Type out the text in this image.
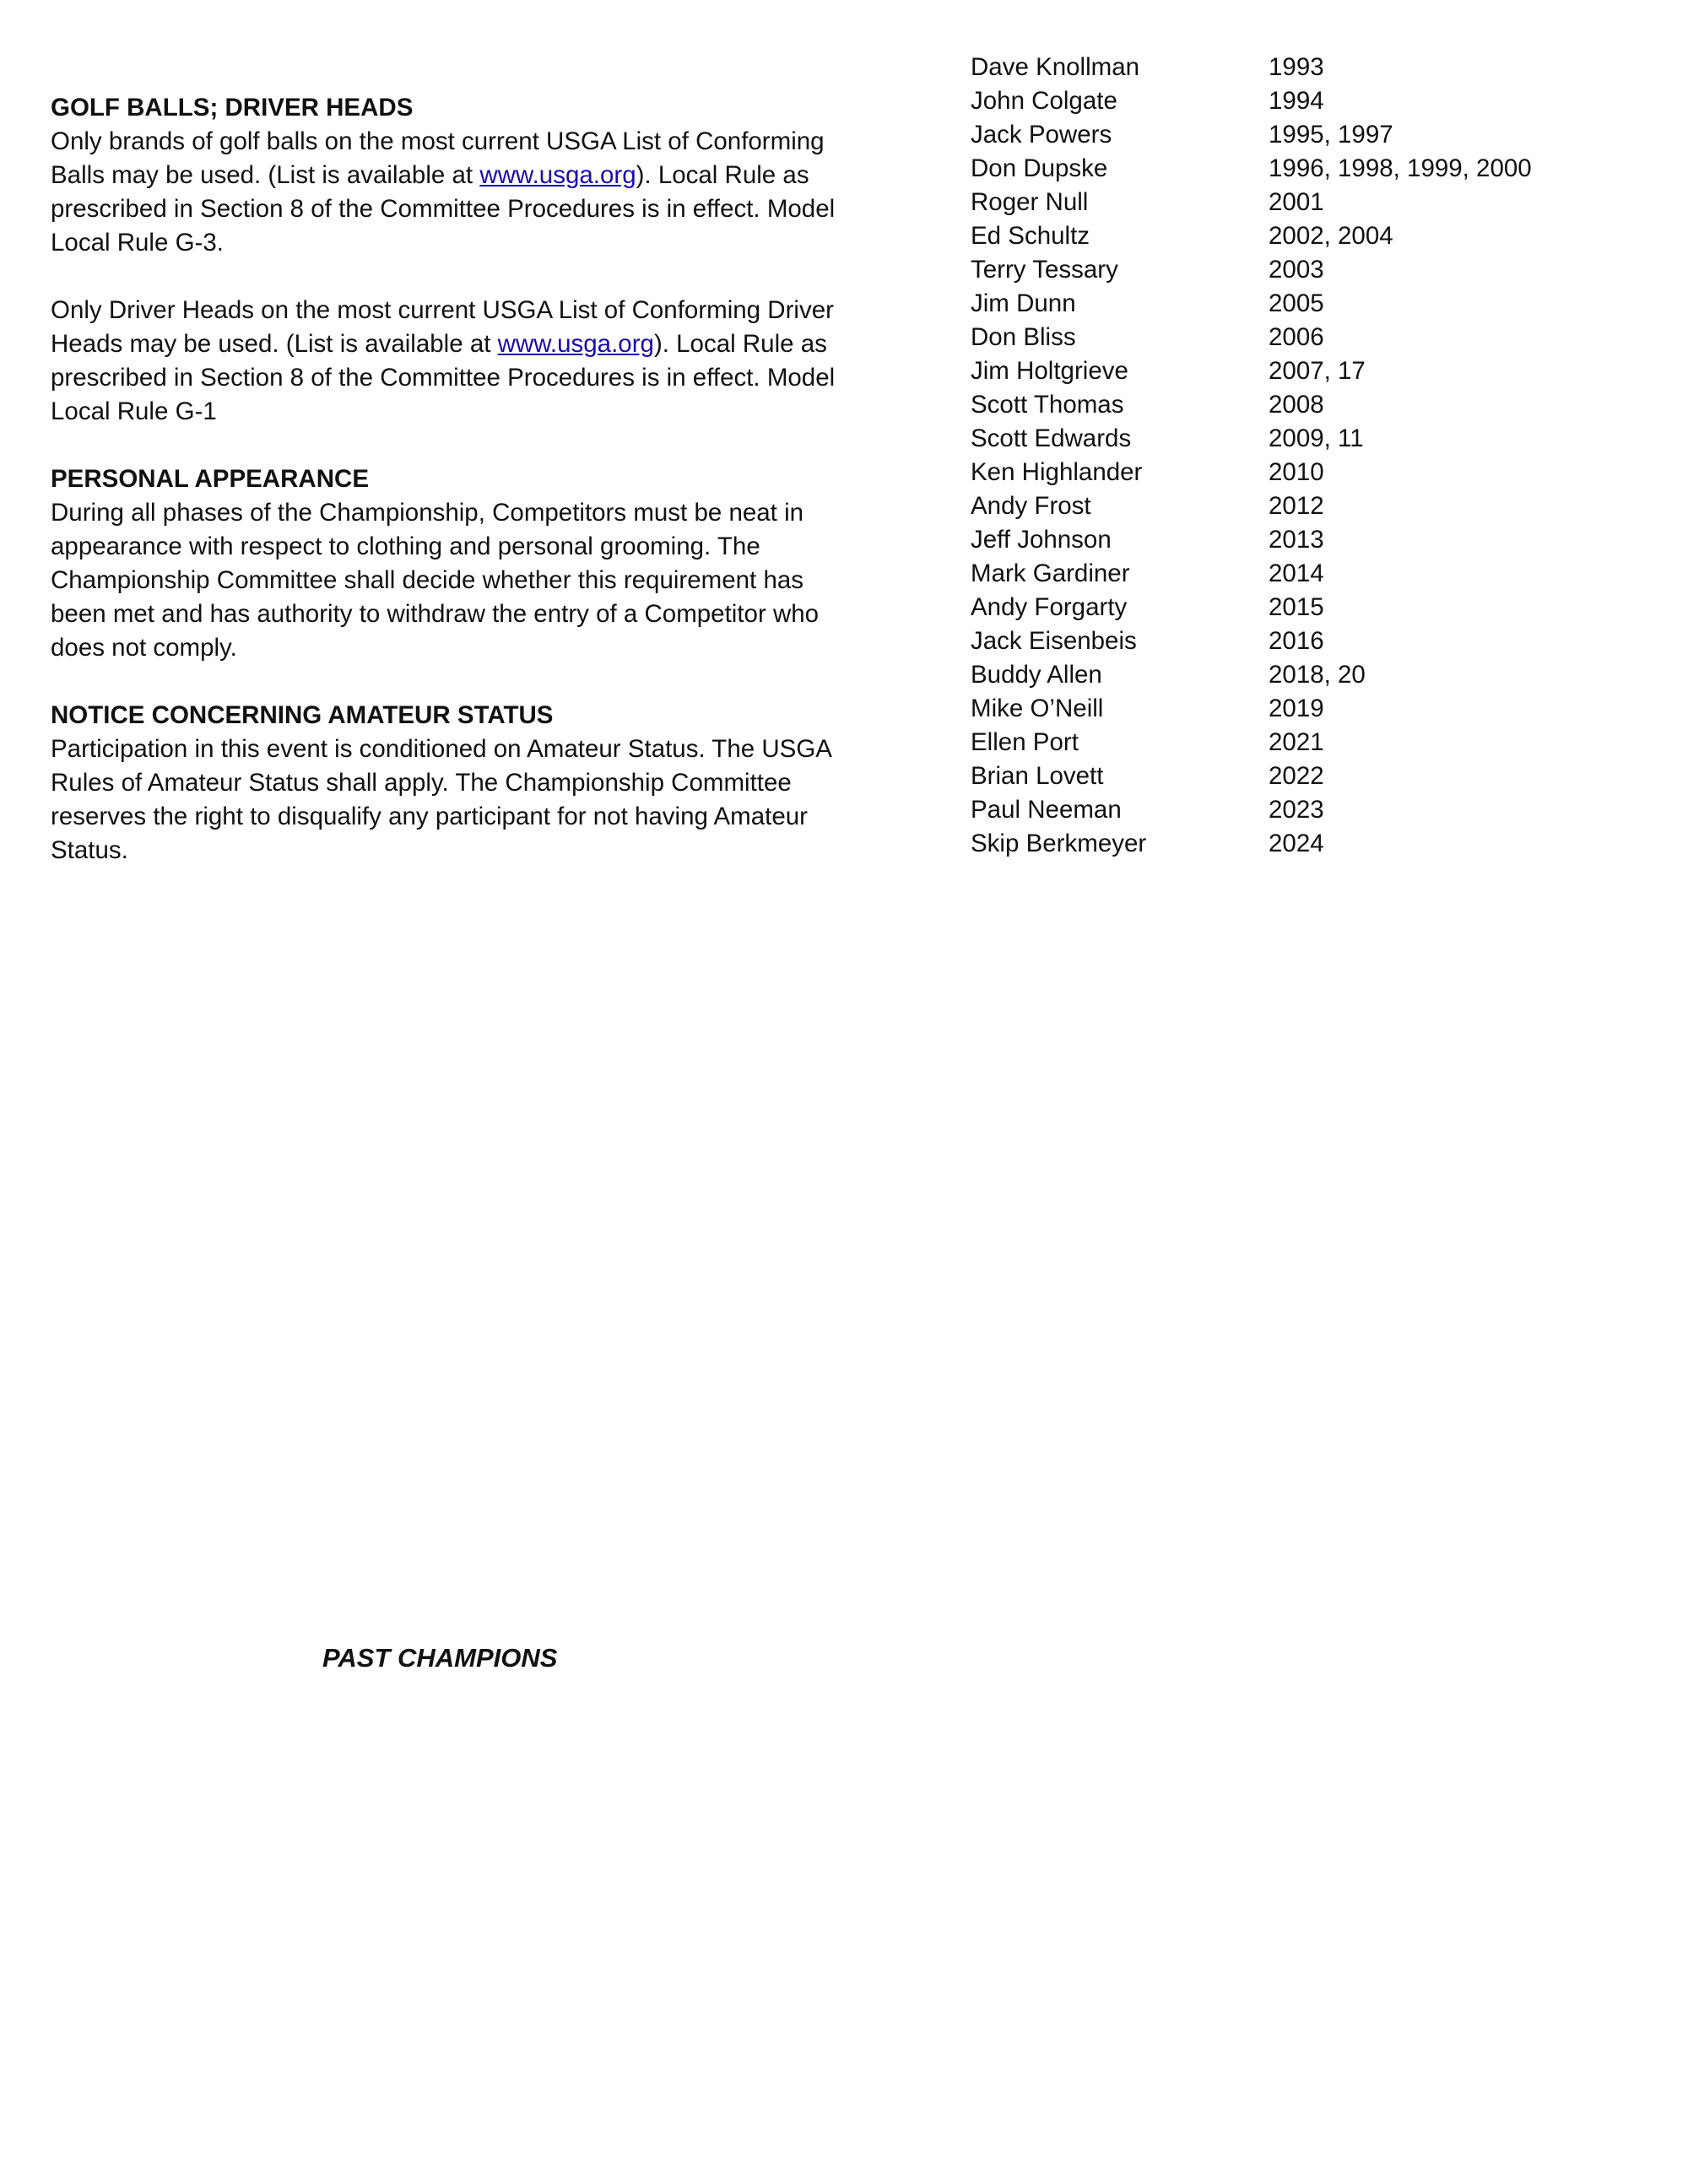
GOLF BALLS; DRIVER HEADS

Only brands of golf balls on the most current USGA List of Conforming Balls may be used. (List is available at www.usga.org). Local Rule as prescribed in Section 8 of the Committee Procedures is in effect. Model Local Rule G-3.

Only Driver Heads on the most current USGA List of Conforming Driver Heads may be used. (List is available at www.usga.org). Local Rule as prescribed in Section 8 of the Committee Procedures is in effect. Model Local Rule G-1

PERSONAL APPEARANCE

During all phases of the Championship, Competitors must be neat in appearance with respect to clothing and personal grooming. The Championship Committee shall decide whether this requirement has been met and has authority to withdraw the entry of a Competitor who does not comply.

NOTICE CONCERNING AMATEUR STATUS

Participation in this event is conditioned on Amateur Status. The USGA Rules of Amateur Status shall apply. The Championship Committee reserves the right to disqualify any participant for not having Amateur Status.

Dave Knollman	1993
John Colgate	1994
Jack Powers	1995, 1997
Don Dupske	1996, 1998, 1999, 2000
Roger Null	2001
Ed Schultz	2002, 2004
Terry Tessary	2003
Jim Dunn	2005
Don Bliss	2006
Jim Holtgrieve	2007, 17
Scott Thomas	2008
Scott Edwards	2009, 11
Ken Highlander	2010
Andy Frost	2012
Jeff Johnson	2013
Mark Gardiner	2014
Andy Forgarty	2015
Jack Eisenbeis	2016
Buddy Allen	2018, 20
Mike O’Neill	2019
Ellen Port	2021
Brian Lovett	2022
Paul Neeman	2023
Skip Berkmeyer	2024
PAST CHAMPIONS
